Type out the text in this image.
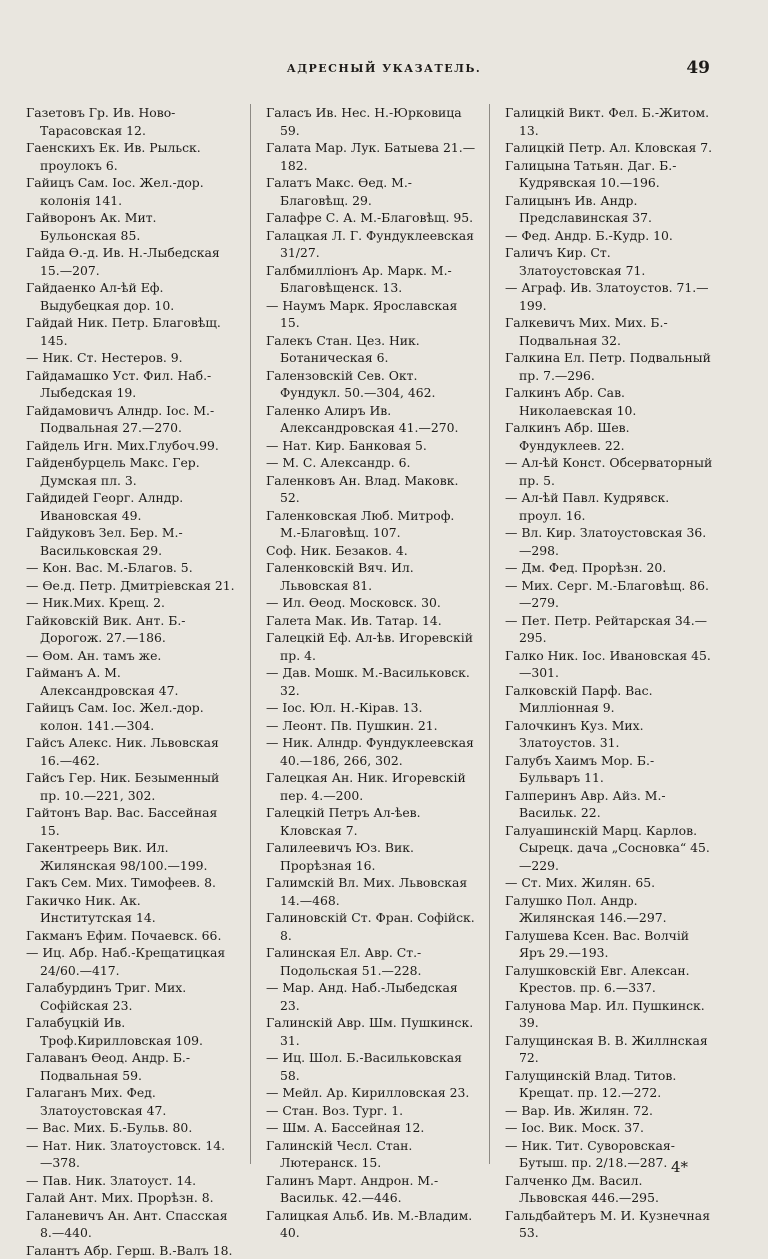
АДРЕСНЫЙ УКАЗАТЕЛЬ.	49

Газетовъ Гр. Ив. Ново-Тарасовская 12.

Гаенскихъ Ек. Ив. Рыльск. проулокъ 6.

Гайицъ Сам. Іос. Жел.-дор. колонія 141.

Гайворонъ Ак. Мит. Бульонская 85.

Гайда Ѳ.-д. Ив. Н.-Лыбедская 15.—207.

Гайдаенко Ал-ѣй Еф. Выдубецкая дор. 10.

Гайдай Ник. Петр. Благовѣщ. 145.

— Ник. Ст. Нестеров. 9.

Гайдамашко Уст. Фил. Наб.-Лыбедская 19.

Гайдамовичъ Алндр. Іос. М.-Подвальная 27.—270.

Гайдель Игн. Мих.Глубоч.99.

Гайденбурцель Макс. Гер. Думская пл. 3.

Гайдидей Георг. Алндр. Ивановская 49.

Гайдуковъ Зел. Бер. М.-Васильковская 29.

— Кон. Вас. М.-Благов. 5.

— Ѳе.д. Петр. Дмитріевская 21.

— Ник.Мих. Крещ. 2.

Гайковскій Вик. Ант. Б.-Дорогож. 27.—186.

— Ѳом. Ан. тамъ же.

Гайманъ А. М. Александровская 47.

Гайицъ Сам. Іос. Жел.-дор. колон. 141.—304.

Гайсъ Алекс. Ник. Львовская 16.—462.

Гайсъ Гер. Ник. Безыменный пр. 10.—221, 302.

Гайтонъ Вар. Вас. Бассейная 15.

Гакентреерь Вик. Ил. Жилянская 98/100.—199.

Гакъ Сем. Мих. Тимофеев. 8.

Гакичко Ник. Ак. Институтская 14.

Гакманъ Ефим. Почаевск. 66.

— Иц. Абр. Наб.-Крещатицкая 24/60.—417.

Галабурдинъ Триг. Мих. Софійская 23.

Галабуцкій Ив. Троф.Кирилловская 109.

Галаванъ Ѳеод. Андр. Б.-Подвальная 59.

Галаганъ Мих. Фед. Златоустовская 47.

— Вас. Мих. Б.-Бульв. 80.

— Нат. Ник. Златоустовск. 14.—378.

— Пав. Ник. Златоуст. 14.

Галай Ант. Мих. Прорѣзн. 8.

Галаневичъ Ан. Ант. Спасская 8.—440.

Галантъ Абр. Герш. В.-Валъ 18.

Галасъ Ив. Нес. Н.-Юрковица 59.

Галата Мар. Лук. Батыева 21.—182.

Галатъ Макс. Ѳед. М.-Благовѣщ. 29.

Галафре С. А. М.-Благовѣщ. 95.

Галацкая Л. Г. Фундуклеевская 31/27.

Галбмиллiонъ Ар. Марк. М.-Благовѣщенск. 13.

— Наумъ Марк. Ярославская 15.

Галекъ Стан. Цез. Ник. Ботаническая 6.

Галензовскій Сев. Окт. Фундукл. 50.—304, 462.

Галенко Алиръ Ив. Александровская 41.—270.

— Нат. Кир. Банковая 5.

— М. С. Александр. 6.

Галенковъ Ан. Влад. Маковк. 52.

Галенковская Люб. Митроф. М.-Благовѣщ. 107.

Соф. Ник. Безаков. 4.

Галенковскій Вяч. Ил. Львовская 81.

— Ил. Ѳеод. Московск. 30.

Галета Мак. Ив. Татар. 14.

Галецкій Еф. Ал-ѣв. Игоревскій пр. 4.

— Дав. Мошк. М.-Васильковск. 32.

— Іос. Юл. Н.-Кірав. 13.

— Леонт. Пв. Пушкин. 21.

— Ник. Алндр. Фундуклеевская 40.—186, 266, 302.

Галецкая Ан. Ник. Игоревскій пер. 4.—200.

Галецкій Петръ Ал-ѣев. Кловская 7.

Галилеевичъ Юз. Вик. Прорѣзная 16.

Галимскій Вл. Мих. Львовская 14.—468.

Галиновскій Ст. Фран. Софійск. 8.

Галинская Ел. Авр. Ст.-Подольская 51.—228.

— Мар. Анд. Наб.-Лыбедская 23.

Галинскій Авр. Шм. Пушкинск. 31.

— Иц. Шол. Б.-Васильковская 58.

— Мейл. Ар. Кирилловская 23.

— Стан. Воз. Тург. 1.

— Шм. А. Бассейная 12.

Галинскій Чесл. Стан. Лютеранск. 15.

Галинъ Март. Андрон. М.-Васильк. 42.—446.

Галицкая Альб. Ив. М.-Владим. 40.

Галицкій Викт. Фел. Б.-Житом. 13.

Галицкій Петр. Ал. Кловская 7.

Галицына Татьян. Даг. Б.-Кудрявская 10.—196.

Галицынъ Ив. Андр. Предславинская 37.

— Фед. Андр. Б.-Кудр. 10.

Галичъ Кир. Ст. Златоустовская 71.

— Аграф. Ив. Златоустов. 71.—199.

Галкевичъ Мих. Мих. Б.-Подвальная 32.

Галкина Ел. Петр. Подвальный пр. 7.—296.

Галкинъ Абр. Сав. Николаевская 10.

Галкинъ Абр. Шев. Фундуклеев. 22.

— Ал-ѣй Конст. Обсерваторный пр. 5.

— Ал-ѣй Павл. Кудрявск. проул. 16.

— Вл. Кир. Златоустовская 36.—298.

— Дм. Фед. Прорѣзн. 20.

— Мих. Серг. М.-Благовѣщ. 86.—279.

— Пет. Петр. Рейтарская 34.—295.

Галко Ник. Іос. Ивановская 45.—301.

Галковскій Парф. Вас. Миллiонная 9.

Галочкинъ Куз. Мих. Златоустов. 31.

Галубъ Хаимъ Мор. Б.-Бульваръ 11.

Галперинъ Авр. Айз. М.-Васильк. 22.

Галуашинскій Марц. Карлов. Сырецк. дача „Сосновка“ 45.—229.

— Ст. Мих. Жилян. 65.

Галушко Пол. Андр. Жилянская 146.—297.

Галушева Ксен. Вас. Волчій Яръ 29.—193.

Галушковскій Евг. Алексан. Крестов. пр. 6.—337.

Галунова Мар. Ил. Пушкинск. 39.

Галущинская В. В. Жиллнская 72.

Галущинскій Влад. Титов. Крещат. пр. 12.—272.

— Вар. Ив. Жилян. 72.

— Іос. Вик. Моск. 37.

— Ник. Тит. Суворовская-Бутыш. пр. 2/18.—287.

Галченко Дм. Васил. Львовская 446.—295.

Гальдбайтеръ М. И. Кузнечная 53.

4*
